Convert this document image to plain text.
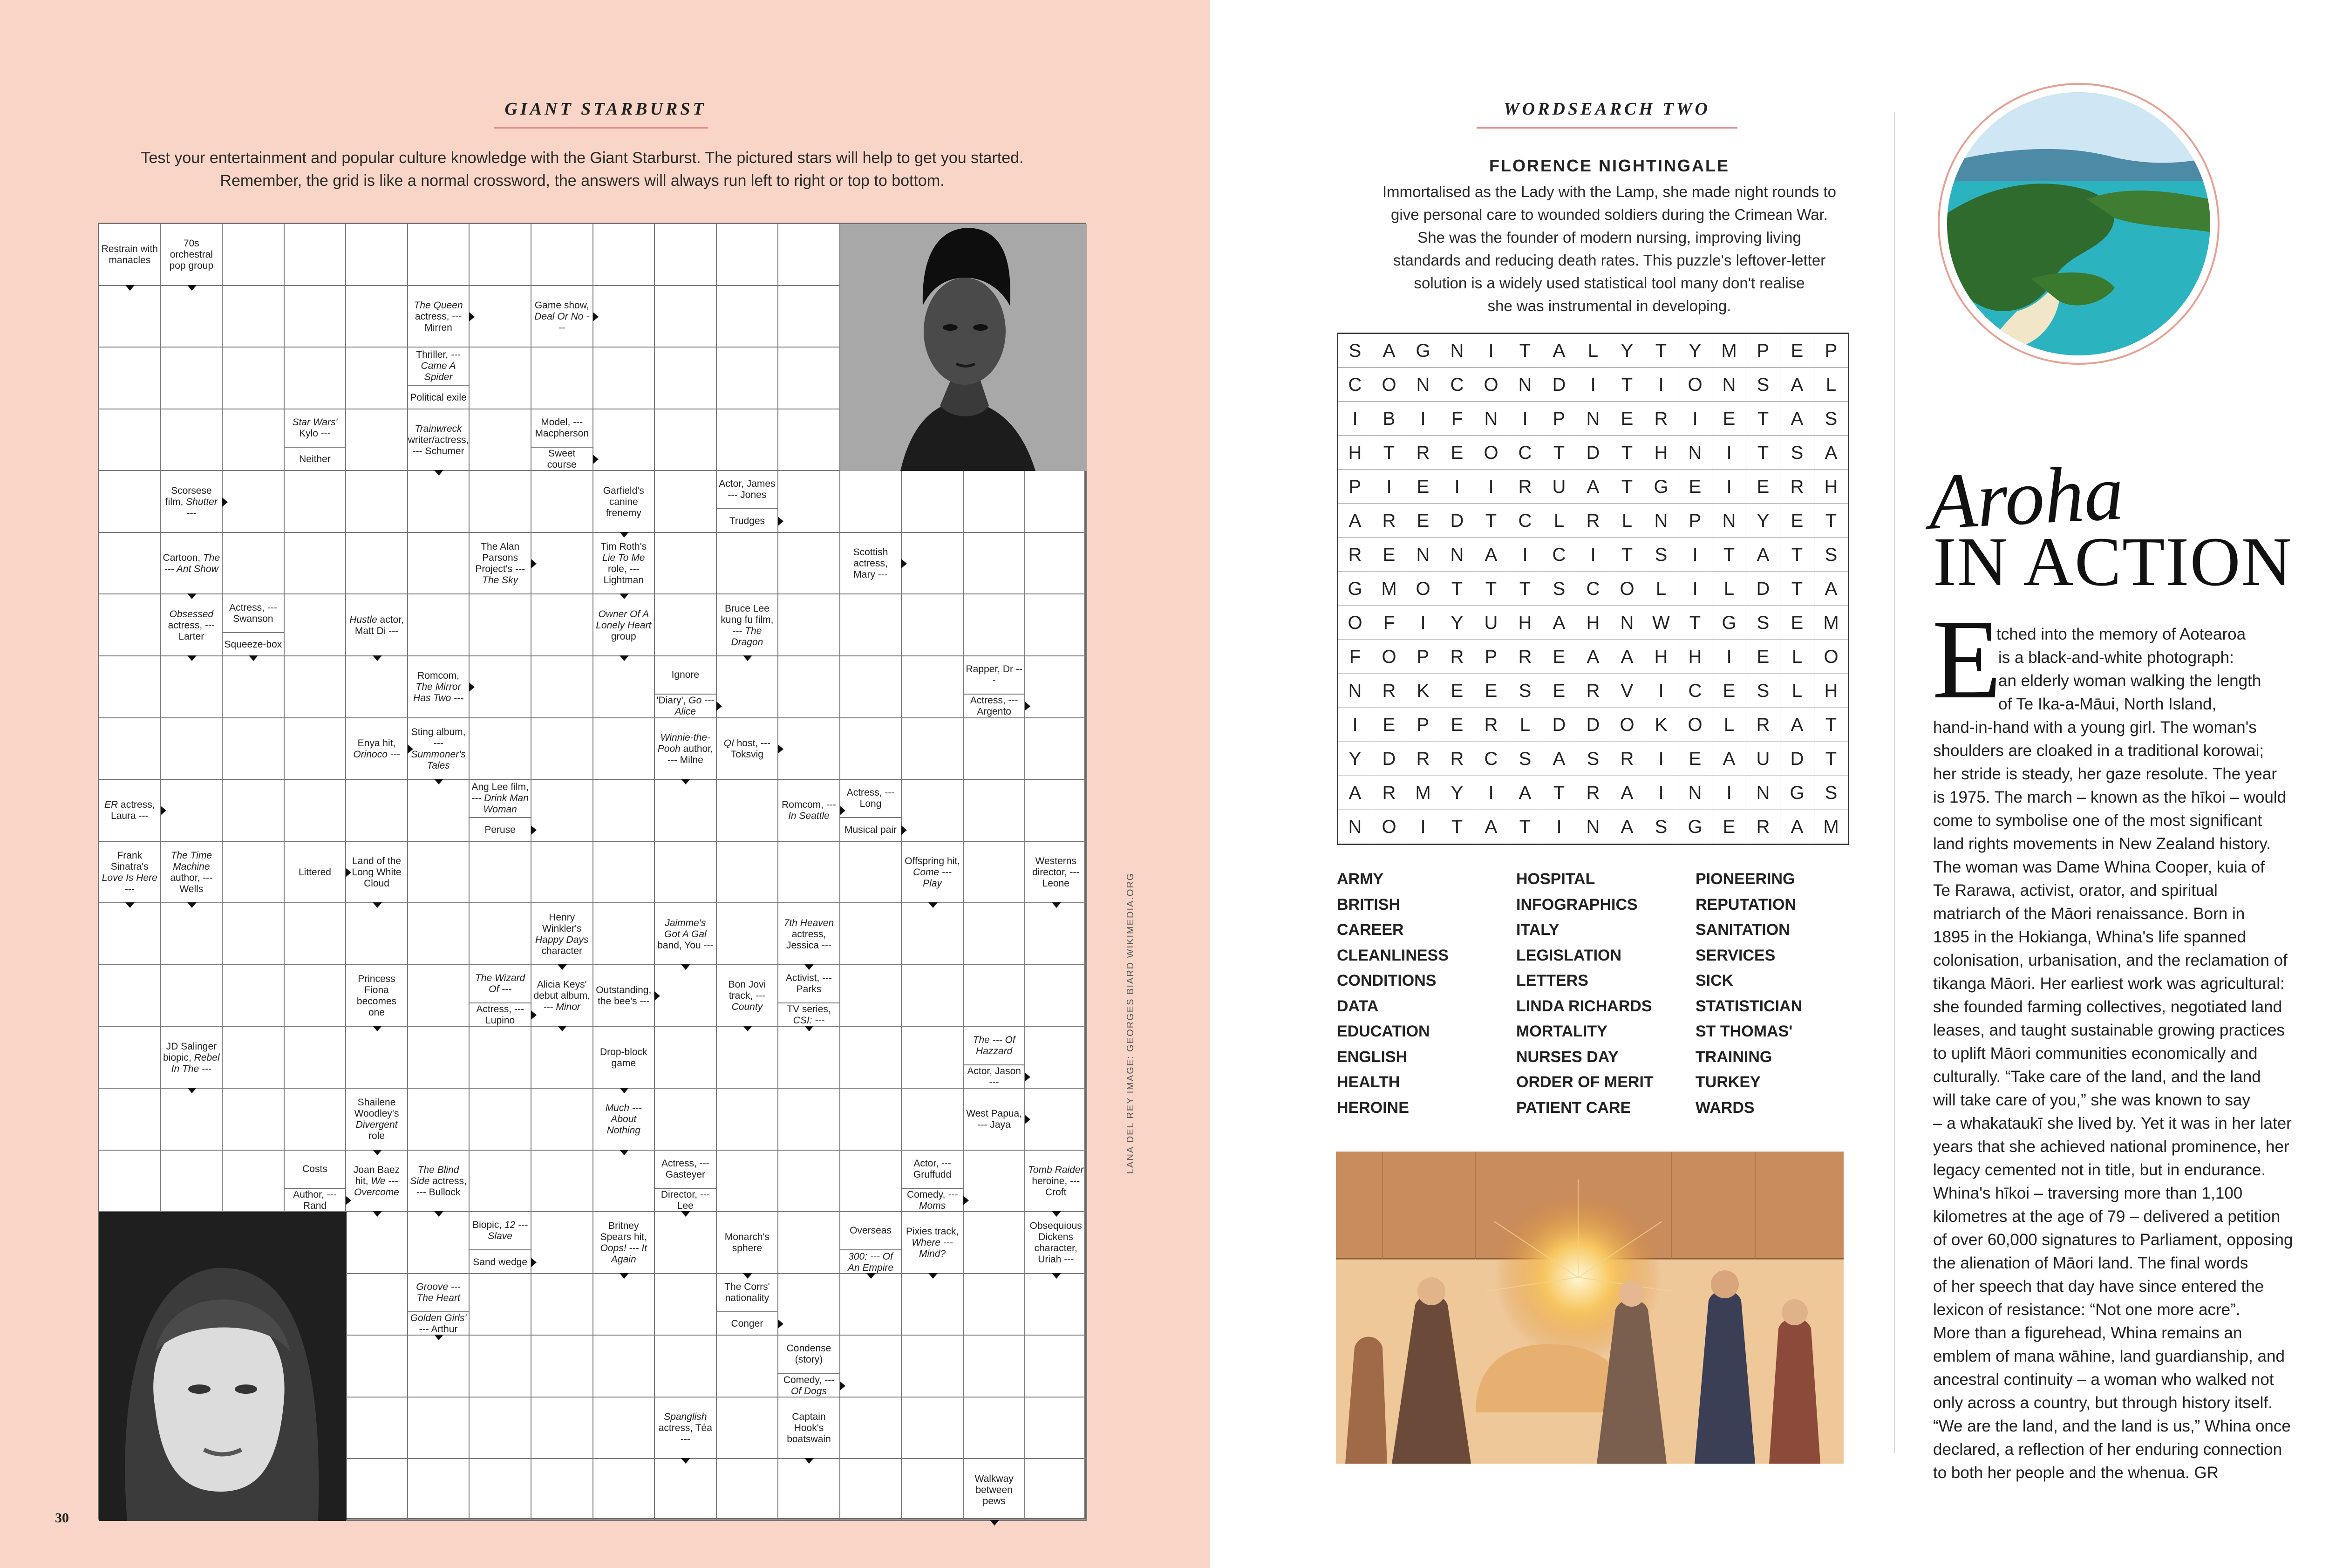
GIANT STARBURST
Test your entertainment and popular culture knowledge with the Giant Starburst. The pictured stars will help to get you started.
Remember, the grid is like a normal crossword, the answers will always run left to right or top to bottom.
Restrain with manacles
70s orchestral pop group
The Queen actress, --- Mirren
Game show, Deal Or No ---
Thriller, --- Came A Spider
Political exile
Star Wars' Kylo ---
Neither
Trainwreck writer/actress, --- Schumer
Model, --- Macpherson
Sweet course
Scorsese film, Shutter ---
Garfield's canine frenemy
Actor, James --- Jones
Trudges
Cartoon, The --- Ant Show
The Alan Parsons Project's --- The Sky
Tim Roth's Lie To Me role, --- Lightman
Scottish actress, Mary ---
Obsessed actress, --- Larter
Actress, --- Swanson
Squeeze-box
Hustle actor, Matt Di ---
Owner Of A Lonely Heart group
Bruce Lee kung fu film, --- The Dragon
Romcom, The Mirror Has Two ---
Ignore
'Diary', Go --- Alice
Rapper, Dr ---
Actress, --- Argento
Enya hit, Orinoco ---
Sting album, --- Summoner's Tales
Winnie-the-Pooh author, --- Milne
QI host, --- Toksvig
ER actress, Laura ---
Ang Lee film, --- Drink Man Woman
Peruse
Romcom, --- In Seattle
Actress, --- Long
Musical pair
Frank Sinatra's Love Is Here ---
The Time Machine author, --- Wells
Littered
Land of the Long White Cloud
Offspring hit, Come --- Play
Westerns director, --- Leone
Henry Winkler's Happy Days character
Jaimme's Got A Gal band, You ---
7th Heaven actress, Jessica ---
Princess Fiona becomes one
The Wizard Of ---
Actress, --- Lupino
Alicia Keys' debut album, --- Minor
Outstanding, the bee's ---
Bon Jovi track, --- County
Activist, --- Parks
TV series, CSI: ---
JD Salinger biopic, Rebel In The ---
Drop-block game
The --- Of Hazzard
Actor, Jason ---
Shailene Woodley's Divergent role
Much --- About Nothing
West Papua, --- Jaya
Costs
Author, --- Rand
Joan Baez hit, We --- Overcome
The Blind Side actress, --- Bullock
Actress, --- Gasteyer
Director, --- Lee
Actor, --- Gruffudd
Comedy, --- Moms
Tomb Raider heroine, --- Croft
Biopic, 12 --- Slave
Sand wedge
Britney Spears hit, Oops! --- It Again
Monarch's sphere
Overseas
300: --- Of An Empire
Pixies track, Where --- Mind?
Obsequious Dickens character, Uriah ---
Groove --- The Heart
Golden Girls' --- Arthur
The Corrs' nationality
Conger
Condense (story)
Comedy, --- Of Dogs
Spanglish actress, Téa ---
Captain Hook's boatswain
Walkway between pews
LANA DEL REY IMAGE: GEORGES BIARD WIKIMEDIA.ORG
30
WORDSEARCH TWO
FLORENCE NIGHTINGALE
Immortalised as the Lady with the Lamp, she made night rounds to
give personal care to wounded soldiers during the Crimean War.
She was the founder of modern nursing, improving living
standards and reducing death rates. This puzzle's leftover-letter
solution is a widely used statistical tool many don't realise
she was instrumental in developing.
S	A	G	N	I	T	A	L	Y	T	Y	M	P	E	P
C	O	N	C	O	N	D	I	T	I	O	N	S	A	L
I	B	I	F	N	I	P	N	E	R	I	E	T	A	S
H	T	R	E	O	C	T	D	T	H	N	I	T	S	A
P	I	E	I	I	R	U	A	T	G	E	I	E	R	H
A	R	E	D	T	C	L	R	L	N	P	N	Y	E	T
R	E	N	N	A	I	C	I	T	S	I	T	A	T	S
G	M	O	T	T	T	S	C	O	L	I	L	D	T	A
O	F	I	Y	U	H	A	H	N	W	T	G	S	E	M
F	O	P	R	P	R	E	A	A	H	H	I	E	L	O
N	R	K	E	E	S	E	R	V	I	C	E	S	L	H
I	E	P	E	R	L	D	D	O	K	O	L	R	A	T
Y	D	R	R	C	S	A	S	R	I	E	A	U	D	T
A	R	M	Y	I	A	T	R	A	I	N	I	N	G	S
N	O	I	T	A	T	I	N	A	S	G	E	R	A	M
ARMY
BRITISH
CAREER
CLEANLINESS
CONDITIONS
DATA
EDUCATION
ENGLISH
HEALTH
HEROINE
HOSPITAL
INFOGRAPHICS
ITALY
LEGISLATION
LETTERS
LINDA RICHARDS
MORTALITY
NURSES DAY
ORDER OF MERIT
PATIENT CARE
PIONEERING
REPUTATION
SANITATION
SERVICES
SICK
STATISTICIAN
ST THOMAS'
TRAINING
TURKEY
WARDS
Aroha
IN ACTION
E
tched into the memory of Aotearoa
is a black-and-white photograph:
an elderly woman walking the length
of Te Ika-a-Māui, North Island,
hand-in-hand with a young girl. The woman's
shoulders are cloaked in a traditional korowai;
her stride is steady, her gaze resolute. The year
is 1975. The march – known as the hīkoi – would
come to symbolise one of the most significant
land rights movements in New Zealand history.
The woman was Dame Whina Cooper, kuia of
Te Rarawa, activist, orator, and spiritual
matriarch of the Māori renaissance. Born in
1895 in the Hokianga, Whina's life spanned
colonisation, urbanisation, and the reclamation of
tikanga Māori. Her earliest work was agricultural:
she founded farming collectives, negotiated land
leases, and taught sustainable growing practices
to uplift Māori communities economically and
culturally. “Take care of the land, and the land
will take care of you,” she was known to say
– a whakataukī she lived by. Yet it was in her later
years that she achieved national prominence, her
legacy cemented not in title, but in endurance.
Whina's hīkoi – traversing more than 1,100
kilometres at the age of 79 – delivered a petition
of over 60,000 signatures to Parliament, opposing
the alienation of Māori land. The final words
of her speech that day have since entered the
lexicon of resistance: “Not one more acre”.
More than a figurehead, Whina remains an
emblem of mana wāhine, land guardianship, and
ancestral continuity – a woman who walked not
only across a country, but through history itself.
“We are the land, and the land is us,” Whina once
declared, a reflection of her enduring connection
to both her people and the whenua. GR
